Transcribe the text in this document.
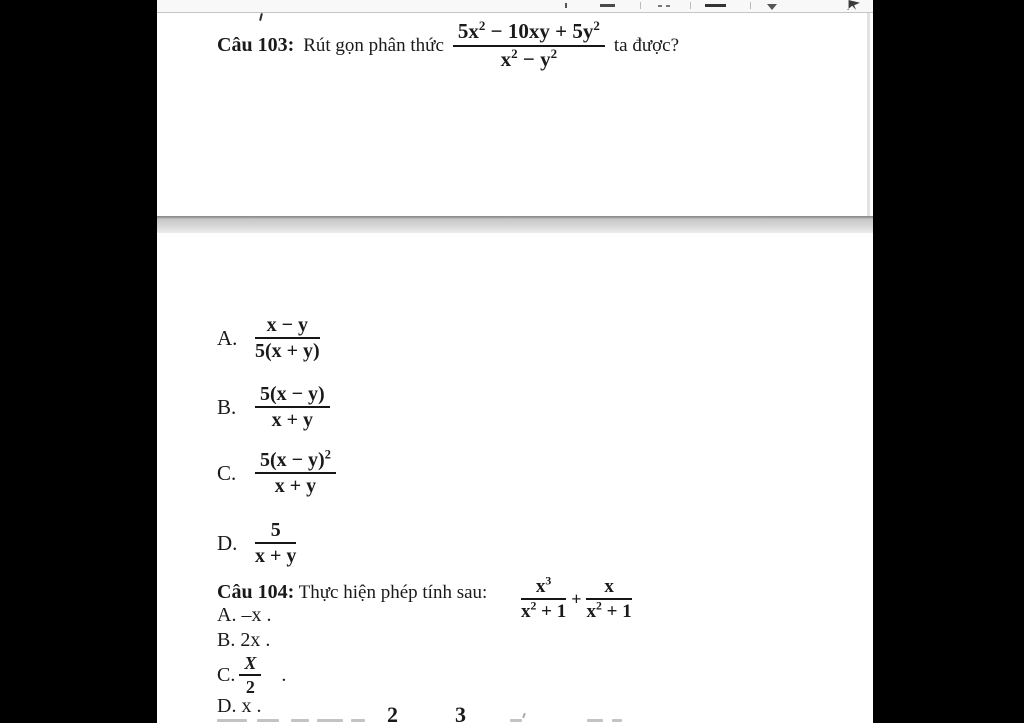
Câu 103: Rút gọn phân thức $\frac{5x^2 - 10xy + 5y^2}{x^2 - y^2}$ ta được?
A. $\frac{x - y}{5(x + y)}$
B. $\frac{5(x - y)}{x + y}$
C. $\frac{5(x - y)^2}{x + y}$
D. $\frac{5}{x + y}$
Câu 104: Thực hiện phép tính sau: $\frac{x^3}{x^2 + 1} + \frac{x}{x^2 + 1}$
A. –x .
B. 2x .
C. $\frac{X}{2}$ .
D. x .	2	3
